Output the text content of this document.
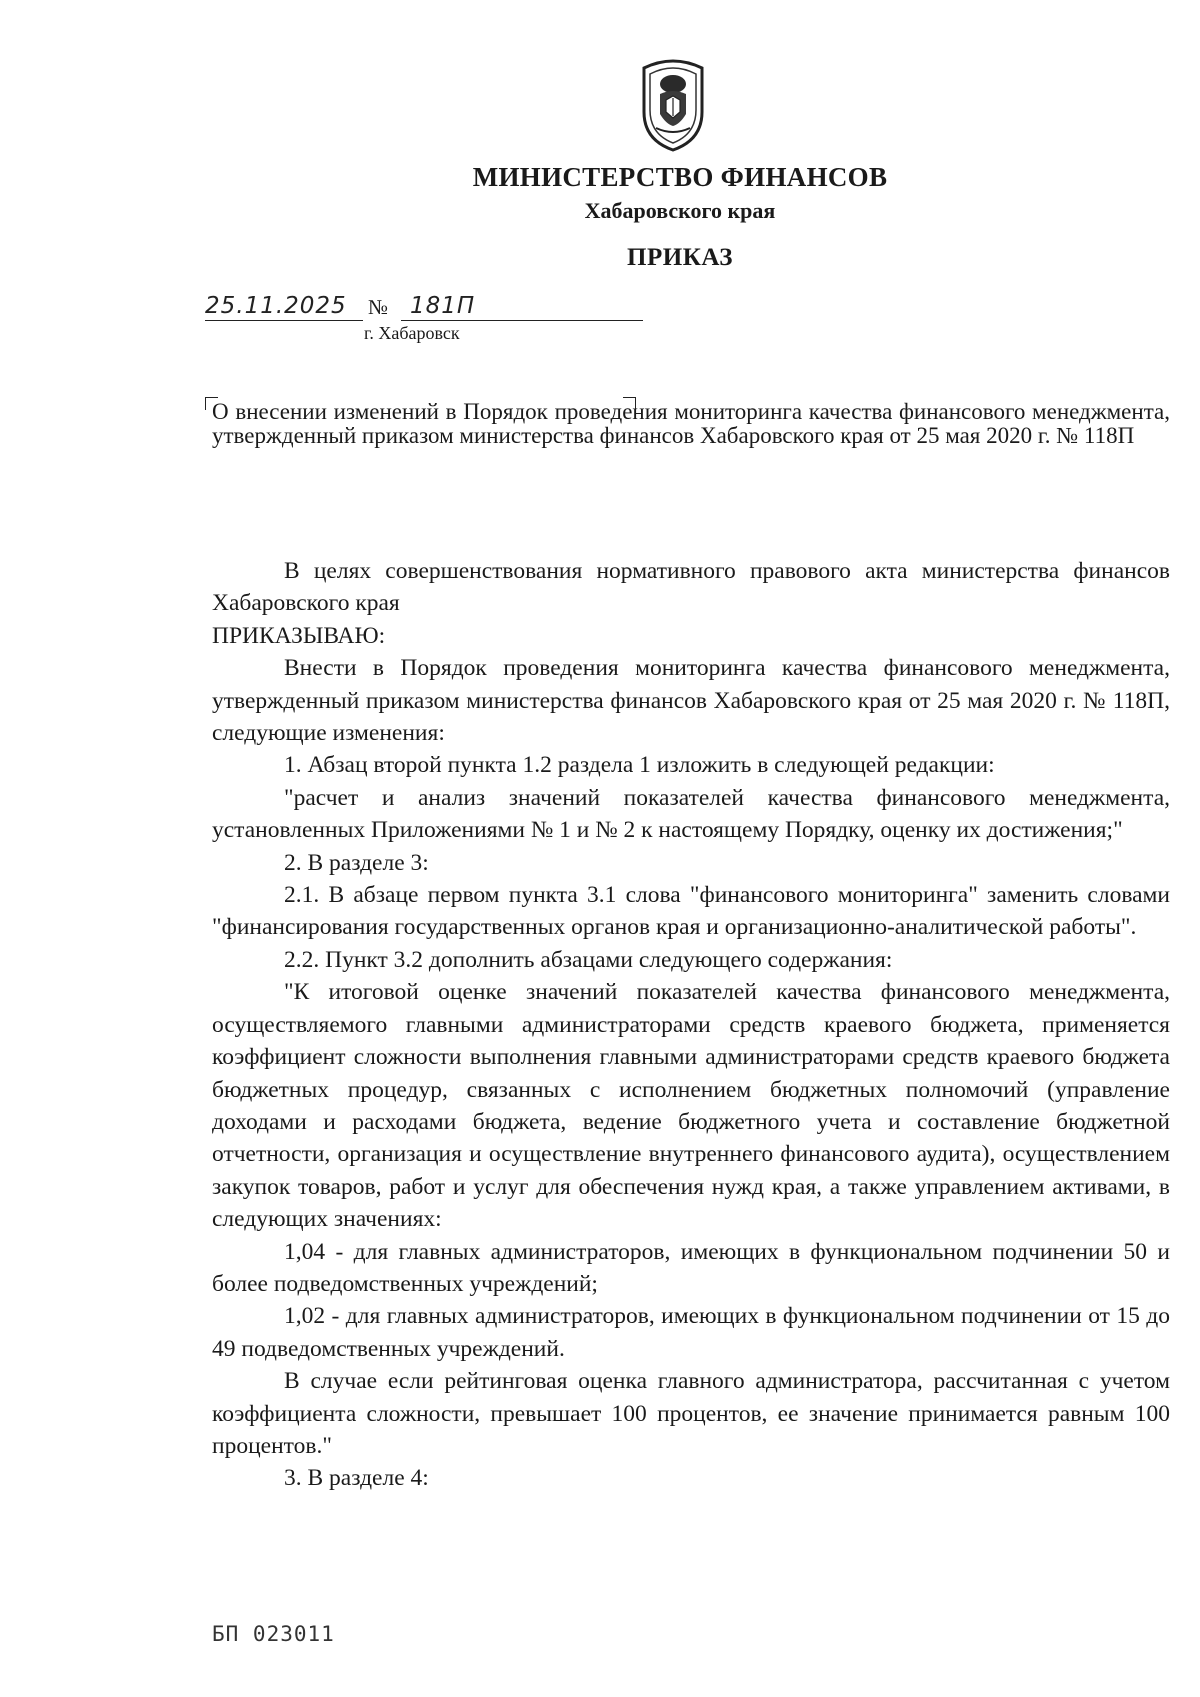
МИНИСТЕРСТВО ФИНАНСОВ
Хабаровского края
ПРИКАЗ
25.11.2025 № 181П
г. Хабаровск
О внесении изменений в Порядок проведения мониторинга качества финансового менеджмента, утвержденный приказом министерства финансов Хабаровского края от 25 мая 2020 г. № 118П

В целях совершенствования нормативного правового акта министерства финансов Хабаровского края

ПРИКАЗЫВАЮ:

Внести в Порядок проведения мониторинга качества финансового менеджмента, утвержденный приказом министерства финансов Хабаровского края от 25 мая 2020 г. № 118П, следующие изменения:

1. Абзац второй пункта 1.2 раздела 1 изложить в следующей редакции:

"расчет и анализ значений показателей качества финансового менеджмента, установленных Приложениями № 1 и № 2 к настоящему Порядку, оценку их достижения;"

2. В разделе 3:

2.1. В абзаце первом пункта 3.1 слова "финансового мониторинга" заменить словами "финансирования государственных органов края и организационно-аналитической работы".

2.2. Пункт 3.2 дополнить абзацами следующего содержания:

"К итоговой оценке значений показателей качества финансового менеджмента, осуществляемого главными администраторами средств краевого бюджета, применяется коэффициент сложности выполнения главными администраторами средств краевого бюджета бюджетных процедур, связанных с исполнением бюджетных полномочий (управление доходами и расходами бюджета, ведение бюджетного учета и составление бюджетной отчетности, организация и осуществление внутреннего финансового аудита), осуществлением закупок товаров, работ и услуг для обеспечения нужд края, а также управлением активами, в следующих значениях:

1,04 - для главных администраторов, имеющих в функциональном подчинении 50 и более подведомственных учреждений;

1,02 - для главных администраторов, имеющих в функциональном подчинении от 15 до 49 подведомственных учреждений.

В случае если рейтинговая оценка главного администратора, рассчитанная с учетом коэффициента сложности, превышает 100 процентов, ее значение принимается равным 100 процентов."

3. В разделе 4:

БП 023011
